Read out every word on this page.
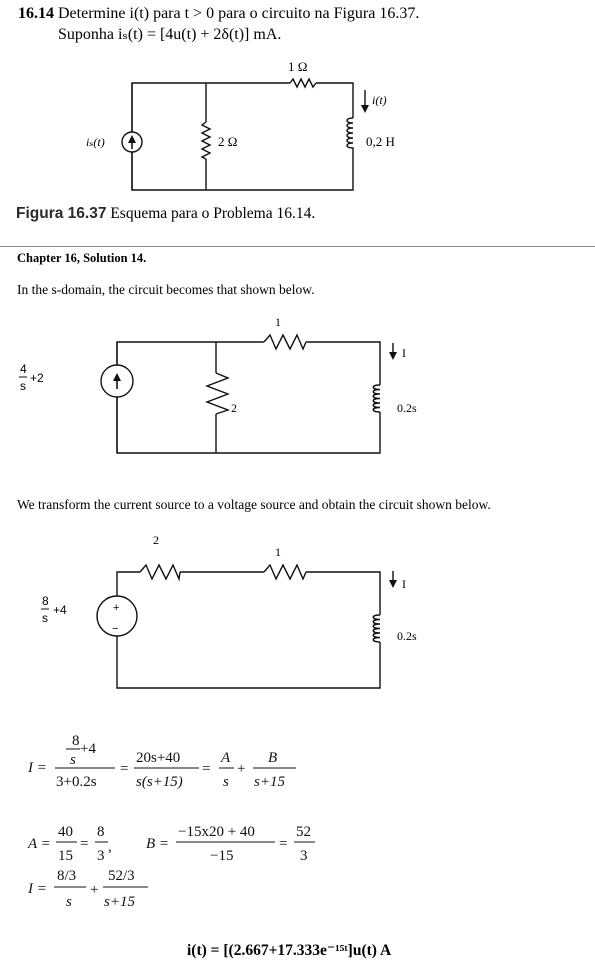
16.14 Determine i(t) para t > 0 para o circuito na Figura 16.37.
Suponha iₛ(t) = [4u(t) + 2δ(t)] mA.
1 Ω
2 Ω	0,2 H
iₛ(t)
i(t)
Figura 16.37 Esquema para o Problema 16.14.
Chapter 16, Solution 14.
In the s-domain, the circuit becomes that shown below.
1
2
I
0.2s
4
s
+2
We transform the current source to a voltage source and obtain the circuit shown below.
+
−
2
1
I
0.2s
8
s
+4
I =
8
s
+4
3+0.2s
=
20s+40
s(s+15)
=
A
s
+
B
s+15
A =
40
15
=
8
3
, B =
−15x20 + 40
−15
=
52
3
I =
8/3
s
+
52/3
s+15
i(t) = [(2.667+17.333e⁻¹⁵ᵗ]u(t) A
